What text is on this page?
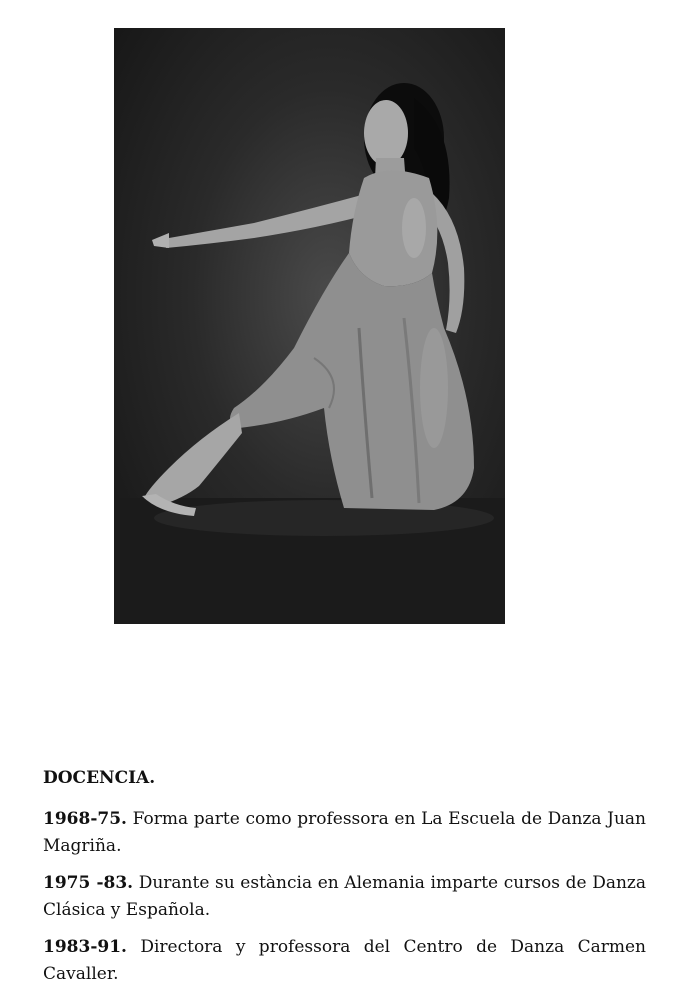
DOCENCIA.
1968-75. Forma parte como professora en La Escuela de Danza Juan Magriña.
1975 -83. Durante su estància en Alemania imparte cursos de Danza Clásica y Española.
1983-91. Directora y professora del Centro de Danza Carmen Cavaller.
